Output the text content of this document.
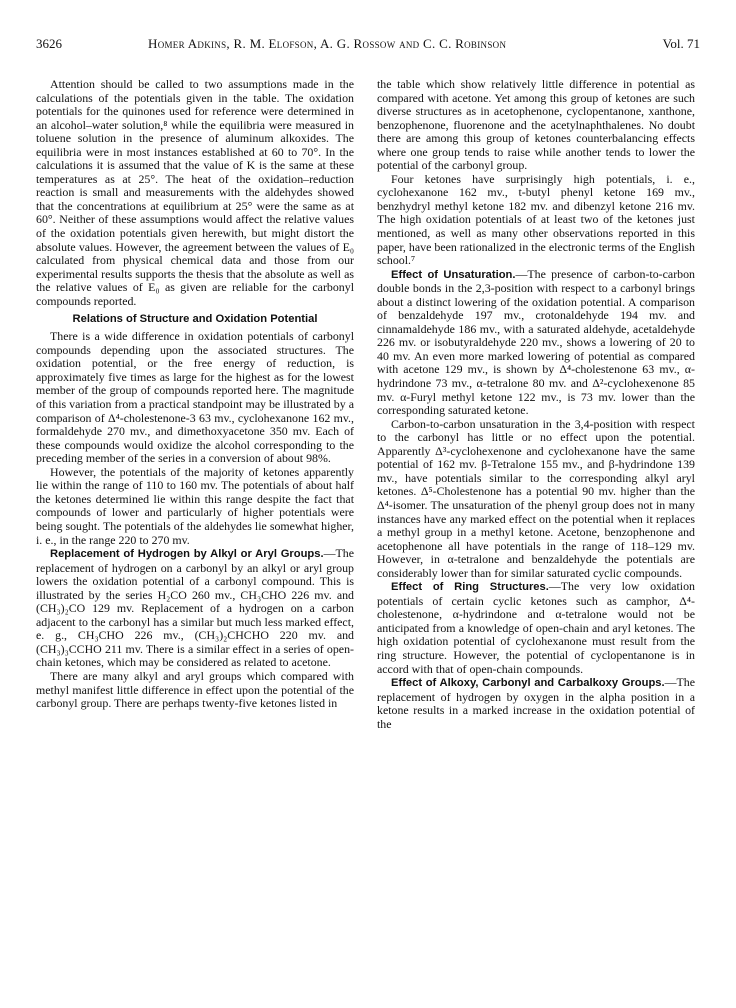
3626	Homer Adkins, R. M. Elofson, A. G. Rossow and C. C. Robinson	Vol. 71

Attention should be called to two assumptions made in the calculations of the potentials given in the table. The oxidation potentials for the quinones used for reference were determined in an alcohol–water solution,⁸ while the equilibria were measured in toluene solution in the presence of aluminum alkoxides. The equilibria were in most instances established at 60 to 70°. In the calculations it is assumed that the value of K is the same at these temperatures as at 25°. The heat of the oxidation–reduction reaction is small and measurements with the aldehydes showed that the concentrations at equilibrium at 25° were the same as at 60°. Neither of these assumptions would affect the relative values of the oxidation potentials given herewith, but might distort the absolute values. However, the agreement between the values of E₀ calculated from physical chemical data and those from our experimental results supports the thesis that the absolute as well as the relative values of E₀ as given are reliable for the carbonyl compounds reported.

Relations of Structure and Oxidation Potential

There is a wide difference in oxidation potentials of carbonyl compounds depending upon the associated structures. The oxidation potential, or the free energy of reduction, is approximately five times as large for the highest as for the lowest member of the group of compounds reported here. The magnitude of this variation from a practical standpoint may be illustrated by a comparison of Δ⁴-cholestenone-3 63 mv., cyclohexanone 162 mv., formaldehyde 270 mv., and dimethoxyacetone 350 mv. Each of these compounds would oxidize the alcohol corresponding to the preceding member of the series in a conversion of about 98%.

However, the potentials of the majority of ketones apparently lie within the range of 110 to 160 mv. The potentials of about half the ketones determined lie within this range despite the fact that compounds of lower and particularly of higher potentials were being sought. The potentials of the aldehydes lie somewhat higher, i. e., in the range 220 to 270 mv.

Replacement of Hydrogen by Alkyl or Aryl Groups.—The replacement of hydrogen on a carbonyl by an alkyl or aryl group lowers the oxidation potential of a carbonyl compound. This is illustrated by the series H₂CO 260 mv., CH₃CHO 226 mv. and (CH₃)₂CO 129 mv. Replacement of a hydrogen on a carbon adjacent to the carbonyl has a similar but much less marked effect, e. g., CH₃CHO 226 mv., (CH₃)₂CHCHO 220 mv. and (CH₃)₃CCHO 211 mv. There is a similar effect in a series of open-chain ketones, which may be considered as related to acetone.

There are many alkyl and aryl groups which compared with methyl manifest little difference in effect upon the potential of the carbonyl group. There are perhaps twenty-five ketones listed in

the table which show relatively little difference in potential as compared with acetone. Yet among this group of ketones are such diverse structures as in acetophenone, cyclopentanone, xanthone, benzophenone, fluorenone and the acetylnaphthalenes. No doubt there are among this group of ketones counterbalancing effects where one group tends to raise while another tends to lower the potential of the carbonyl group.

Four ketones have surprisingly high potentials, i. e., cyclohexanone 162 mv., t-butyl phenyl ketone 169 mv., benzhydryl methyl ketone 182 mv. and dibenzyl ketone 216 mv. The high oxidation potentials of at least two of the ketones just mentioned, as well as many other observations reported in this paper, have been rationalized in the electronic terms of the English school.⁷

Effect of Unsaturation.—The presence of carbon-to-carbon double bonds in the 2,3-position with respect to a carbonyl brings about a distinct lowering of the oxidation potential. A comparison of benzaldehyde 197 mv., crotonaldehyde 194 mv. and cinnamaldehyde 186 mv., with a saturated aldehyde, acetaldehyde 226 mv. or isobutyraldehyde 220 mv., shows a lowering of 20 to 40 mv. An even more marked lowering of potential as compared with acetone 129 mv., is shown by Δ⁴-cholestenone 63 mv., α-hydrindone 73 mv., α-tetralone 80 mv. and Δ²-cyclohexenone 85 mv. α-Furyl methyl ketone 122 mv., is 73 mv. lower than the corresponding saturated ketone.

Carbon-to-carbon unsaturation in the 3,4-position with respect to the carbonyl has little or no effect upon the potential. Apparently Δ³-cyclohexenone and cyclohexanone have the same potential of 162 mv. β-Tetralone 155 mv., and β-hydrindone 139 mv., have potentials similar to the corresponding alkyl aryl ketones. Δ⁵-Cholestenone has a potential 90 mv. higher than the Δ⁴-isomer. The unsaturation of the phenyl group does not in many instances have any marked effect on the potential when it replaces a methyl group in a methyl ketone. Acetone, benzophenone and acetophenone all have potentials in the range of 118–129 mv. However, in α-tetralone and benzaldehyde the potentials are considerably lower than for similar saturated cyclic compounds.

Effect of Ring Structures.—The very low oxidation potentials of certain cyclic ketones such as camphor, Δ⁴-cholestenone, α-hydrindone and α-tetralone would not be anticipated from a knowledge of open-chain and aryl ketones. The high oxidation potential of cyclohexanone must result from the ring structure. However, the potential of cyclopentanone is in accord with that of open-chain compounds.

Effect of Alkoxy, Carbonyl and Carbalkoxy Groups.—The replacement of hydrogen by oxygen in the alpha position in a ketone results in a marked increase in the oxidation potential of the
